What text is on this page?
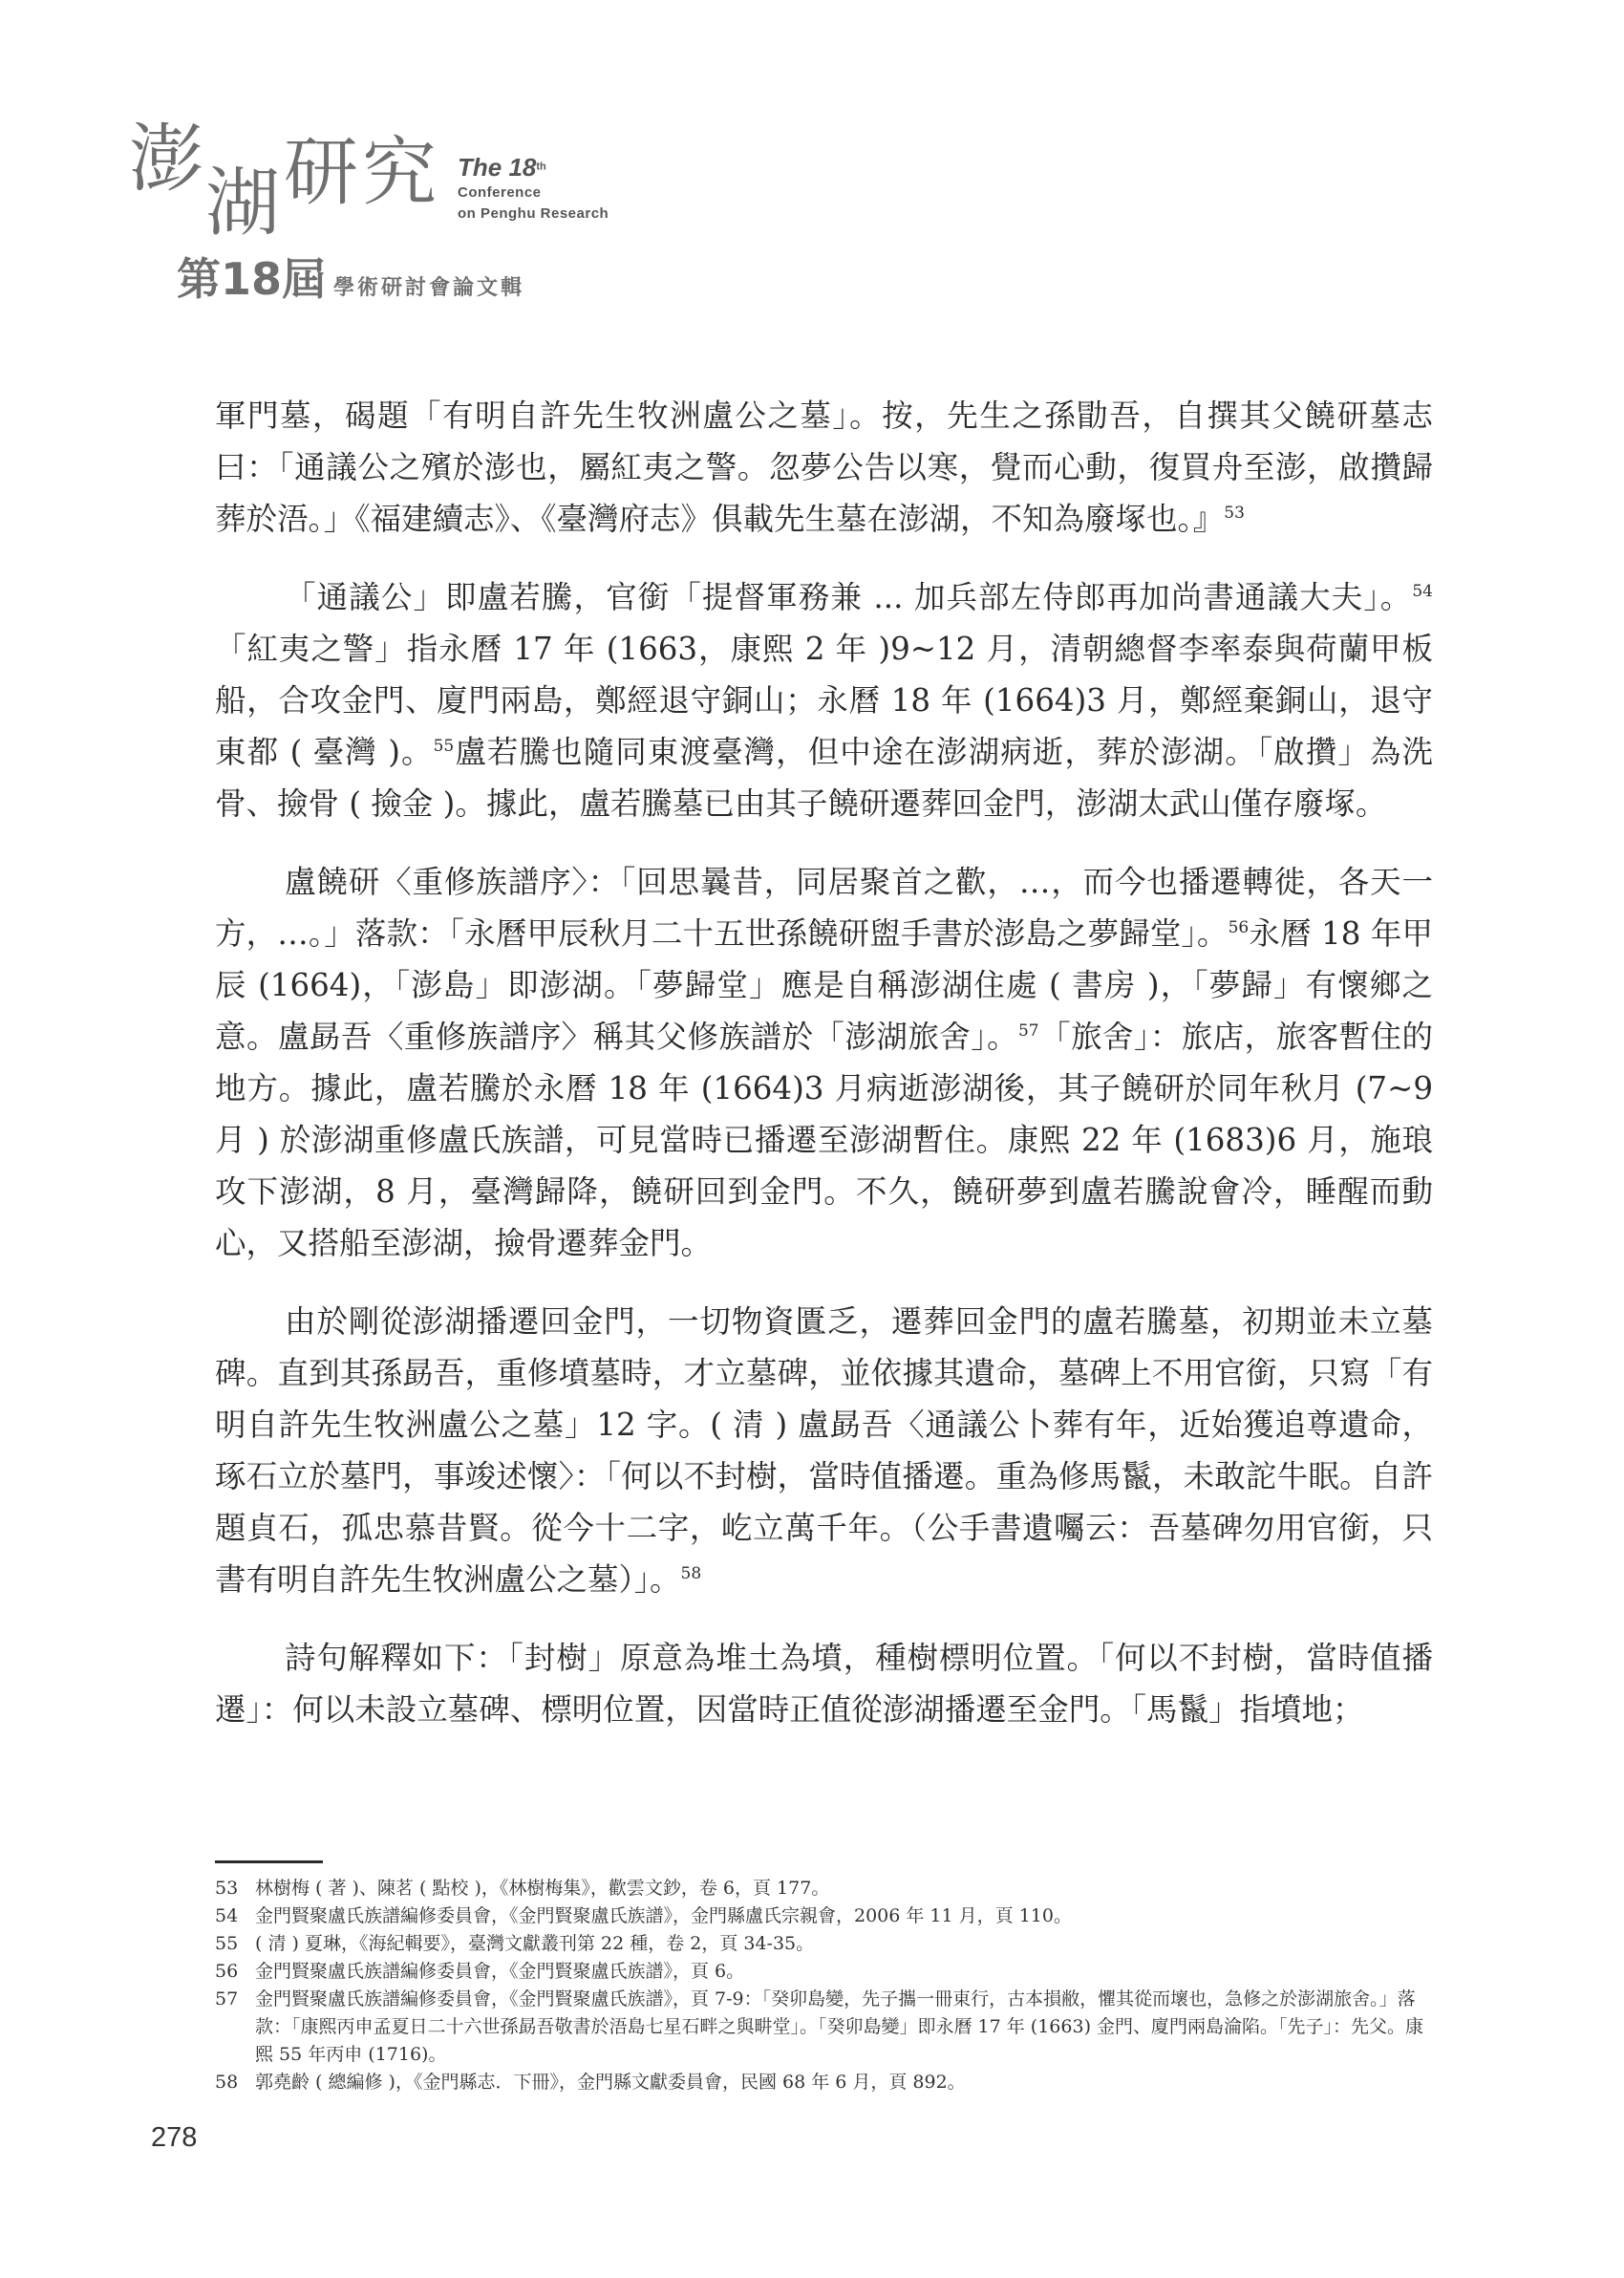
澎
湖 研 究 The 18th
Conference
on Penghu Research
第18屆 學術研討會論文輯

軍門墓，碣題「有明自許先生牧洲盧公之墓」。按，先生之孫勖吾，自撰其父饒研墓志曰：「通議公之殯於澎也，屬紅夷之警。忽夢公告以寒，覺而心動，復買舟至澎，啟攢歸葬於浯。」《福建續志》、《臺灣府志》俱載先生墓在澎湖，不知為廢塚也。』$^{53}$

「通議公」即盧若騰，官銜「提督軍務兼 ... 加兵部左侍郎再加尚書通議大夫」。$^{54}$「紅夷之警」指永曆 17 年 (1663，康熙 2 年 )9~12 月，清朝總督李率泰與荷蘭甲板船，合攻金門、廈門兩島，鄭經退守銅山；永曆 18 年 (1664)3 月，鄭經棄銅山，退守東都 ( 臺灣 )。$^{55}$盧若騰也隨同東渡臺灣，但中途在澎湖病逝，葬於澎湖。「啟攢」為洗骨、撿骨 ( 撿金 )。據此，盧若騰墓已由其子饒研遷葬回金門，澎湖太武山僅存廢塚。

盧饒研〈重修族譜序〉：「回思曩昔，同居聚首之歡，…，而今也播遷轉徙，各天一方，…。」落款：「永曆甲辰秋月二十五世孫饒研盥手書於澎島之夢歸堂」。$^{56}$永曆 18 年甲辰 (1664)，「澎島」即澎湖。「夢歸堂」應是自稱澎湖住處 ( 書房 )，「夢歸」有懷鄉之意。盧勗吾〈重修族譜序〉稱其父修族譜於「澎湖旅舍」。$^{57}$「旅舍」：旅店，旅客暫住的地方。據此，盧若騰於永曆 18 年 (1664)3 月病逝澎湖後，其子饒研於同年秋月 (7~9 月 ) 於澎湖重修盧氏族譜，可見當時已播遷至澎湖暫住。康熙 22 年 (1683)6 月，施琅攻下澎湖，8 月，臺灣歸降，饒研回到金門。不久，饒研夢到盧若騰說會冷，睡醒而動心，又搭船至澎湖，撿骨遷葬金門。

由於剛從澎湖播遷回金門，一切物資匱乏，遷葬回金門的盧若騰墓，初期並未立墓碑。直到其孫勗吾，重修墳墓時，才立墓碑，並依據其遺命，墓碑上不用官銜，只寫「有明自許先生牧洲盧公之墓」12 字。( 清 ) 盧勗吾〈通議公卜葬有年，近始獲追尊遺命，琢石立於墓門，事竣述懷〉：「何以不封樹，當時值播遷。重為修馬鬣，未敢詑牛眠。自許題貞石，孤忠慕昔賢。從今十二字，屹立萬千年。（公手書遺囑云：吾墓碑勿用官銜，只書有明自許先生牧洲盧公之墓）」。$^{58}$

詩句解釋如下：「封樹」原意為堆土為墳，種樹標明位置。「何以不封樹，當時值播遷」：何以未設立墓碑、標明位置，因當時正值從澎湖播遷至金門。「馬鬣」指墳地；

53 林樹梅 ( 著 )、陳茗 ( 點校 )，《林樹梅集》，歡雲文鈔，卷 6，頁 177。
54 金門賢聚盧氏族譜編修委員會，《金門賢聚盧氏族譜》，金門縣盧氏宗親會，2006 年 11 月，頁 110。
55 ( 清 ) 夏琳，《海紀輯要》，臺灣文獻叢刊第 22 種，卷 2，頁 34-35。
56 金門賢聚盧氏族譜編修委員會，《金門賢聚盧氏族譜》，頁 6。
57 金門賢聚盧氏族譜編修委員會，《金門賢聚盧氏族譜》，頁 7-9：「癸卯島變，先子攜一冊東行，古本損敝，懼其從而壞也，急修之於澎湖旅舍。」落款：「康熙丙申孟夏日二十六世孫勗吾敬書於浯島七星石畔之與畊堂」。「癸卯島變」即永曆 17 年 (1663) 金門、廈門兩島淪陷。「先子」：先父。康熙 55 年丙申 (1716)。
58 郭堯齡 ( 總編修 )，《金門縣志．下冊》，金門縣文獻委員會，民國 68 年 6 月，頁 892。
278
